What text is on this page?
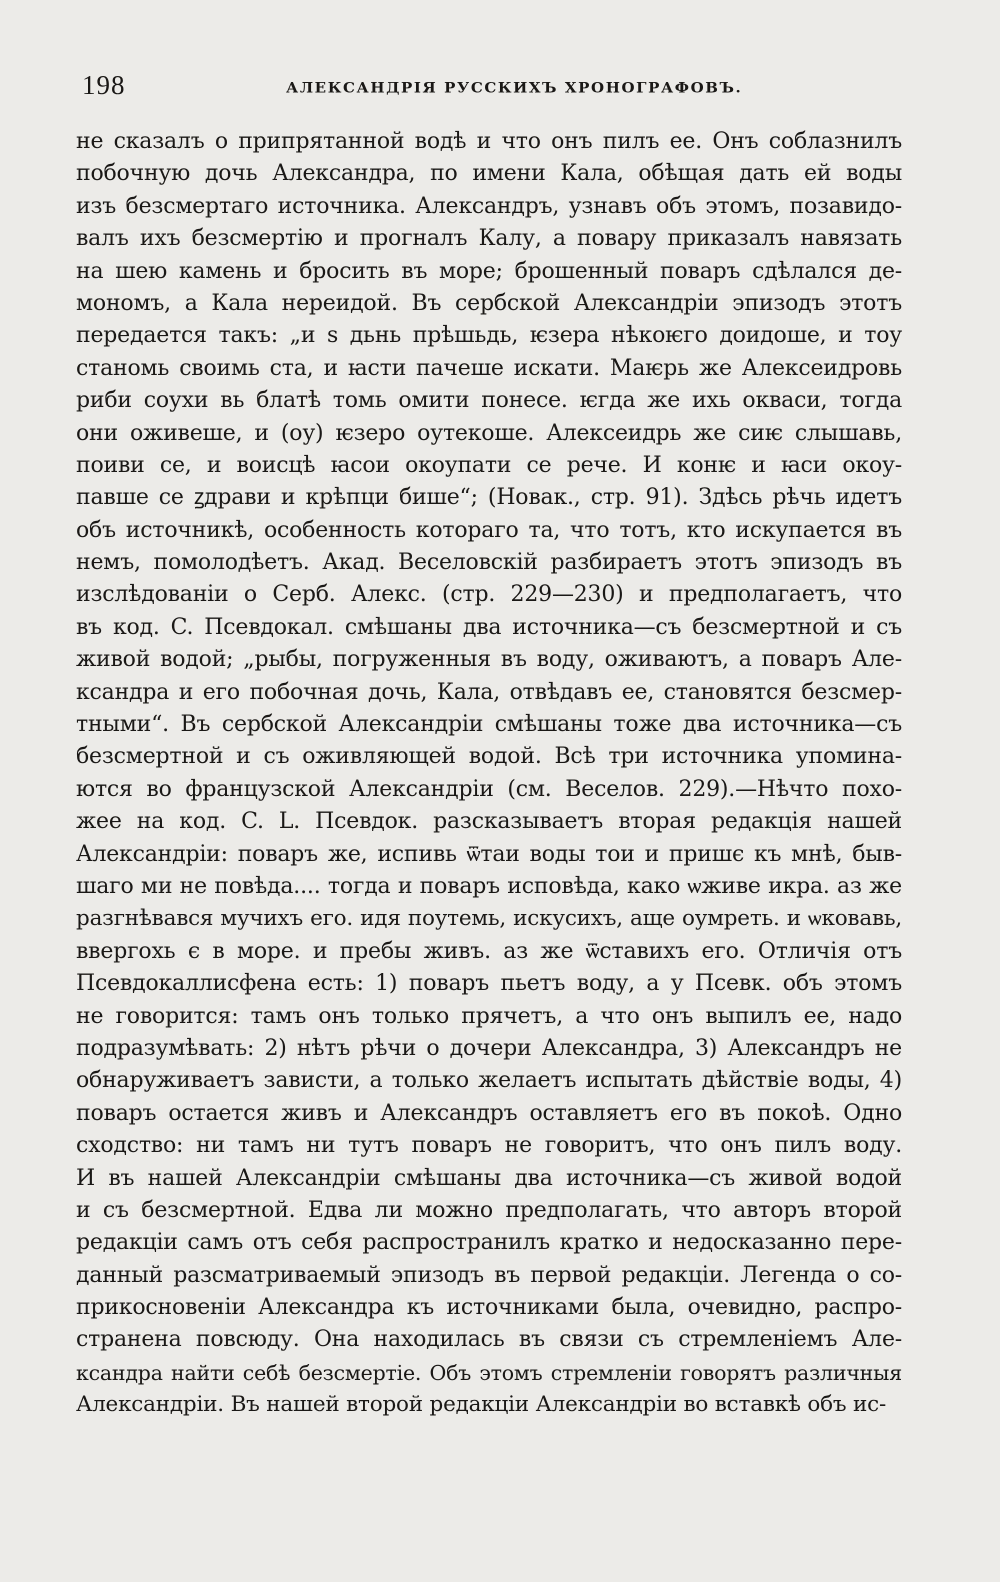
198	АЛЕКСАНДРІЯ РУССКИХЪ ХРОНОГРАФОВЪ.
не сказалъ о припрятанной водѣ и что онъ пилъ ее. Онъ соблазнилъ
побочную дочь Александра, по имени Кала, обѣщая дать ей воды
изъ безсмертаго источника. Александръ, узнавъ объ этомъ, позавидо-
валъ ихъ безсмертію и прогналъ Калу, а повару приказалъ навязать
на шею камень и бросить въ море; брошенный поваръ сдѣлался де-
мономъ, а Кала нереидой. Въ сербской Александріи эпизодъ этотъ
передается такъ: „и ѕ дьнь прѣшьдь, ѥзера нѣкоѥго доидоше, и тоу
станомь своимь ста, и ꙗсти пачеше искати. Маѥрь же Алексеидровь
риби соухи вь блатѣ томь омити понесе. ѥгда же ихь окваси, тогда
они оживеше, и (оу) ѥзеро оутекоше. Алексеидрь же сиѥ слышавь,
поиви се, и воисцѣ ꙗсои окоупати се рече. И конѥ и ꙗси окоу-
павше се ꙁдрави и крѣпци бише“; (Новак., стр. 91). Здѣсь рѣчь идетъ
объ источникѣ, особенность котораго та, что тотъ, кто искупается въ
немъ, помолодѣетъ. Акад. Веселовскій разбираетъ этотъ эпизодъ въ
изслѣдованіи о Серб. Алекс. (стр. 229—230) и предполагаетъ, что
въ код. C. Псевдокал. смѣшаны два источника—съ безсмертной и съ
живой водой; „рыбы, погруженныя въ воду, оживаютъ, а поваръ Але-
ксандра и его побочная дочь, Кала, отвѣдавъ ее, становятся безсмер-
тными“. Въ сербской Александріи смѣшаны тоже два источника—съ
безсмертной и съ оживляющей водой. Всѣ три источника упомина-
ются во французской Александріи (см. Веселов. 229).—Нѣчто похо-
жее на код. C. L. Псевдок. разсказываетъ вторая редакція нашей
Александріи: поваръ же, испивь ѿтаи воды тои и пришє къ мнѣ, быв-
шаго ми не повѣда.... тогда и поваръ исповѣда, како ѡживе икра. аз же
разгнѣвався мучихъ его. идя поутемь, искусихъ, аще оумреть. и ѡковавь,
ввергохь є в море. и пребы живъ. аз же ѿставихъ его. Отличія отъ
Псевдокаллисфена есть: 1) поваръ пьетъ воду, а у Псевк. объ этомъ
не говорится: тамъ онъ только прячетъ, а что онъ выпилъ ее, надо
подразумѣвать: 2) нѣтъ рѣчи о дочери Александра, 3) Александръ не
обнаруживаетъ зависти, а только желаетъ испытать дѣйствіе воды, 4)
поваръ остается живъ и Александръ оставляетъ его въ покоѣ. Одно
сходство: ни тамъ ни тутъ поваръ не говоритъ, что онъ пилъ воду.
И въ нашей Александріи смѣшаны два источника—съ живой водой
и съ безсмертной. Едва ли можно предполагать, что авторъ второй
редакціи самъ отъ себя распространилъ кратко и недосказанно пере-
данный разсматриваемый эпизодъ въ первой редакціи. Легенда о со-
прикосновеніи Александра къ источниками была, очевидно, распро-
странена повсюду. Она находилась въ связи съ стремленіемъ Але-
ксандра найти себѣ безсмертіе. Объ этомъ стремленіи говорятъ различныя
Александріи. Въ нашей второй редакціи Александріи во вставкѣ объ ис-
